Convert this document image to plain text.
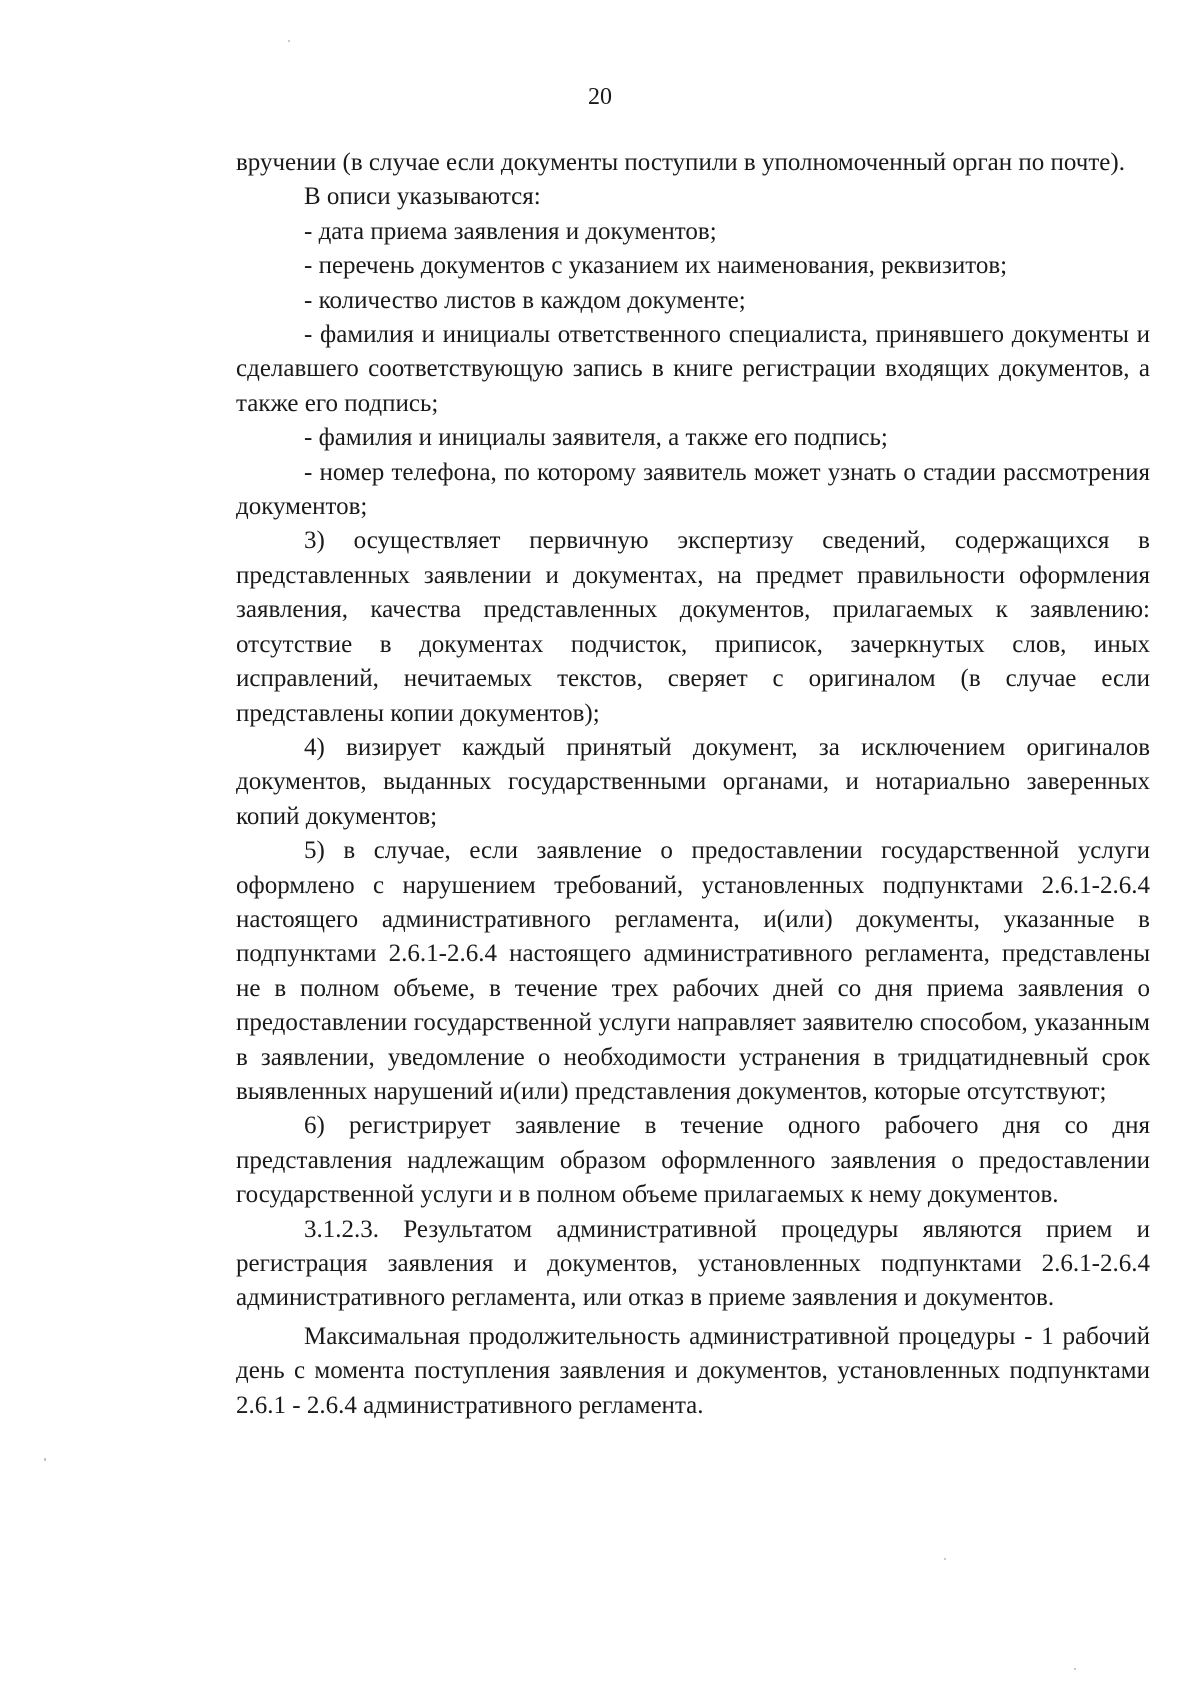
20

вручении (в случае если документы поступили в уполномоченный орган по почте).

В описи указываются:

- дата приема заявления и документов;

- перечень документов с указанием их наименования, реквизитов;

- количество листов в каждом документе;

- фамилия и инициалы ответственного специалиста, принявшего документы и сделавшего соответствующую запись в книге регистрации входящих документов, а также его подпись;

- фамилия и инициалы заявителя, а также его подпись;

- номер телефона, по которому заявитель может узнать о стадии рассмотрения документов;

3) осуществляет первичную экспертизу сведений, содержащихся в представленных заявлении и документах, на предмет правильности оформления заявления, качества представленных документов, прилагаемых к заявлению: отсутствие в документах подчисток, приписок, зачеркнутых слов, иных исправлений, нечитаемых текстов, сверяет с оригиналом (в случае если представлены копии документов);

4) визирует каждый принятый документ, за исключением оригиналов документов, выданных государственными органами, и нотариально заверенных копий документов;

5) в случае, если заявление о предоставлении государственной услуги оформлено с нарушением требований, установленных подпунктами 2.6.1-2.6.4 настоящего административного регламента, и(или) документы, указанные в подпунктами 2.6.1-2.6.4 настоящего административного регламента, представлены не в полном объеме, в течение трех рабочих дней со дня приема заявления о предоставлении государственной услуги направляет заявителю способом, указанным в заявлении, уведомление о необходимости устранения в тридцатидневный срок выявленных нарушений и(или) представления документов, которые отсутствуют;

6) регистрирует заявление в течение одного рабочего дня со дня представления надлежащим образом оформленного заявления о предоставлении государственной услуги и в полном объеме прилагаемых к нему документов.

3.1.2.3. Результатом административной процедуры являются прием и регистрация заявления и документов, установленных подпунктами 2.6.1-2.6.4 административного регламента, или отказ в приеме заявления и документов.

Максимальная продолжительность административной процедуры - 1 рабочий день с момента поступления заявления и документов, установленных подпунктами 2.6.1 - 2.6.4 административного регламента.
